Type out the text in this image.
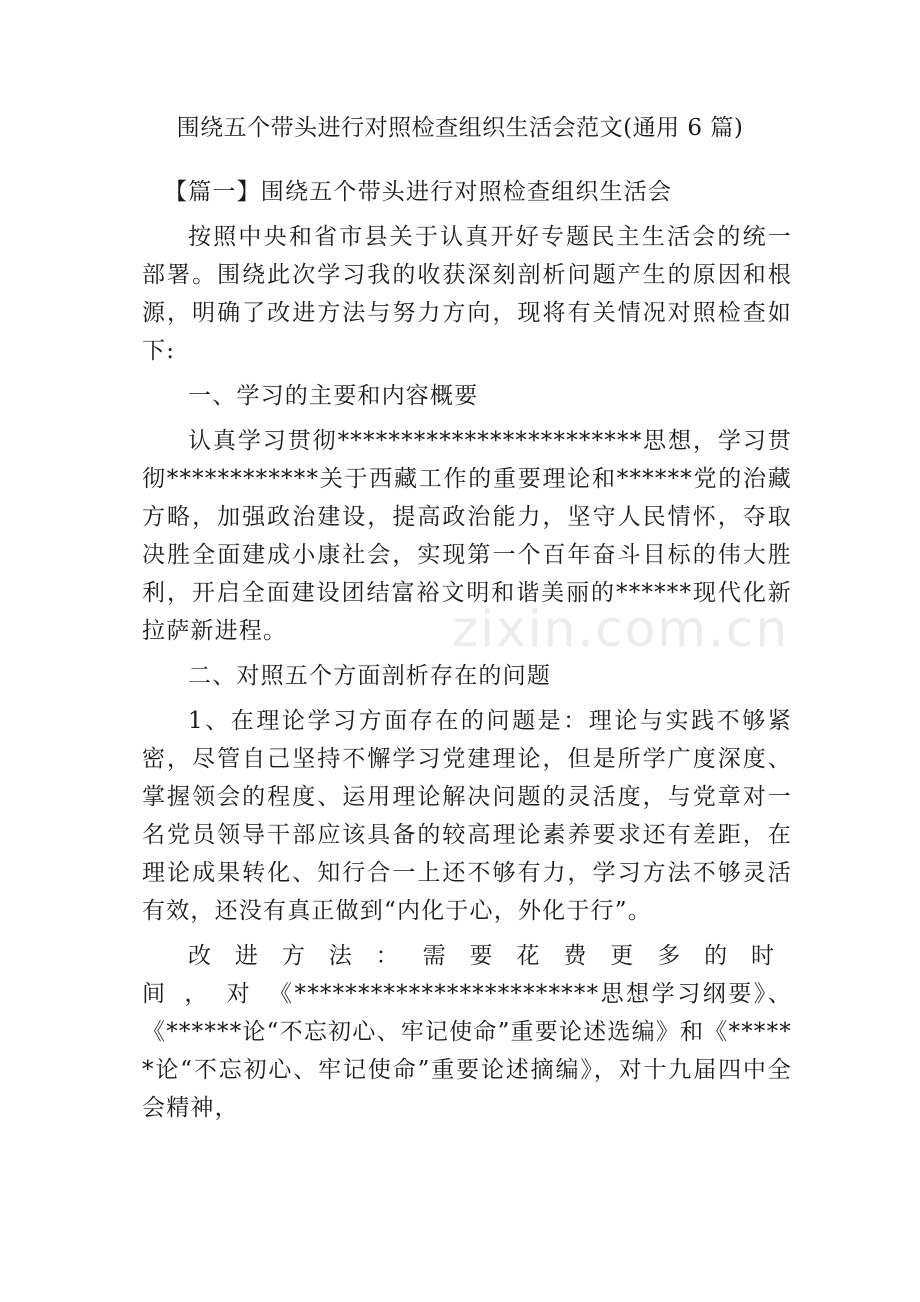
围绕五个带头进行对照检查组织生活会范文(通用 6 篇)

【篇一】围绕五个带头进行对照检查组织生活会

按照中央和省市县关于认真开好专题民主生活会的统一部署。围绕此次学习我的收获深刻剖析问题产生的原因和根源，明确了改进方法与努力方向，现将有关情况对照检查如下:

一、学习的主要和内容概要

认真学习贯彻************************思想，学习贯彻************关于西藏工作的重要理论和******党的治藏方略，加强政治建设，提高政治能力，坚守人民情怀，夺取决胜全面建成小康社会，实现第一个百年奋斗目标的伟大胜利，开启全面建设团结富裕文明和谐美丽的******现代化新拉萨新进程。

二、对照五个方面剖析存在的问题

1、在理论学习方面存在的问题是：理论与实践不够紧密，尽管自己坚持不懈学习党建理论，但是所学广度深度、掌握领会的程度、运用理论解决问题的灵活度，与党章对一名党员领导干部应该具备的较高理论素养要求还有差距，在理论成果转化、知行合一上还不够有力，学习方法不够灵活有效，还没有真正做到“内化于心，外化于行”。

改进方法：需要花费更多的时间，对《************************思想学习纲要》、《******论“不忘初心、牢记使命”重要论述选编》和《******论“不忘初心、牢记使命”重要论述摘编》，对十九届四中全会精神，

zixin.com.cn
